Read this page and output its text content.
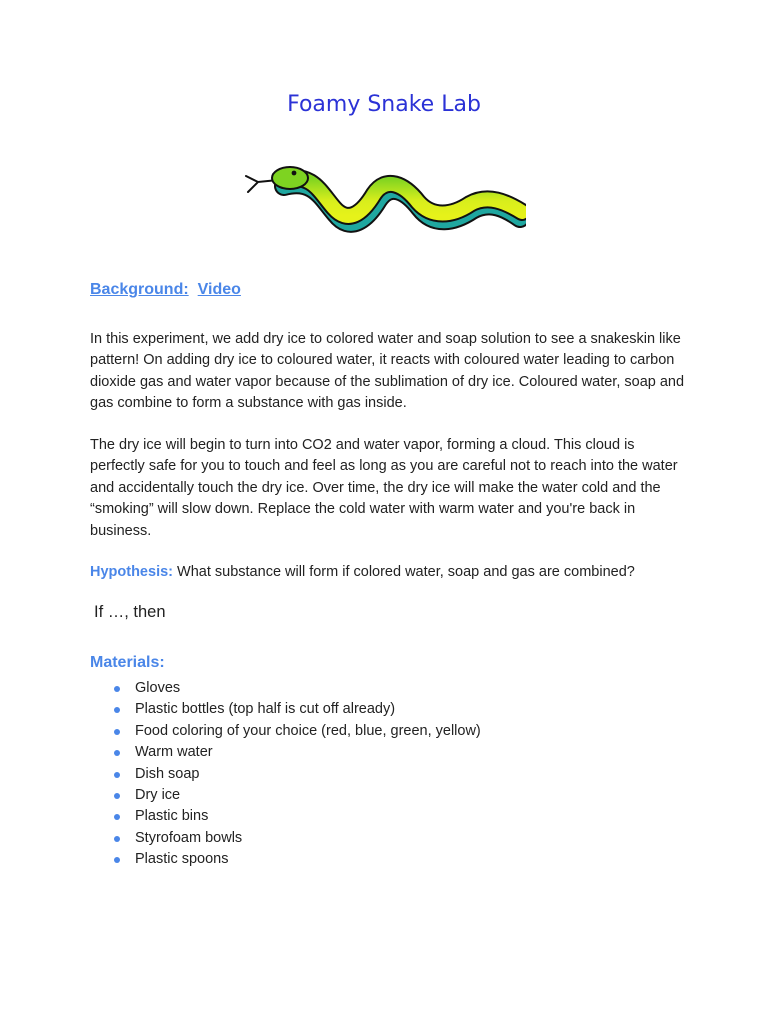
Foamy Snake Lab
Background: Video

In this experiment, we add dry ice to colored water and soap solution to see a snakeskin like pattern! On adding dry ice to coloured water, it reacts with coloured water leading to carbon dioxide gas and water vapor because of the sublimation of dry ice. Coloured water, soap and gas combine to form a substance with gas inside.

The dry ice will begin to turn into CO2 and water vapor, forming a cloud. This cloud is perfectly safe for you to touch and feel as long as you are careful not to reach into the water and accidentally touch the dry ice. Over time, the dry ice will make the water cold and the “smoking” will slow down. Replace the cold water with warm water and you're back in business.

Hypothesis: What substance will form if colored water, soap and gas are combined?

If …, then

Materials:
Gloves
Plastic bottles (top half is cut off already)
Food coloring of your choice (red, blue, green, yellow)
Warm water
Dish soap
Dry ice
Plastic bins
Styrofoam bowls
Plastic spoons
